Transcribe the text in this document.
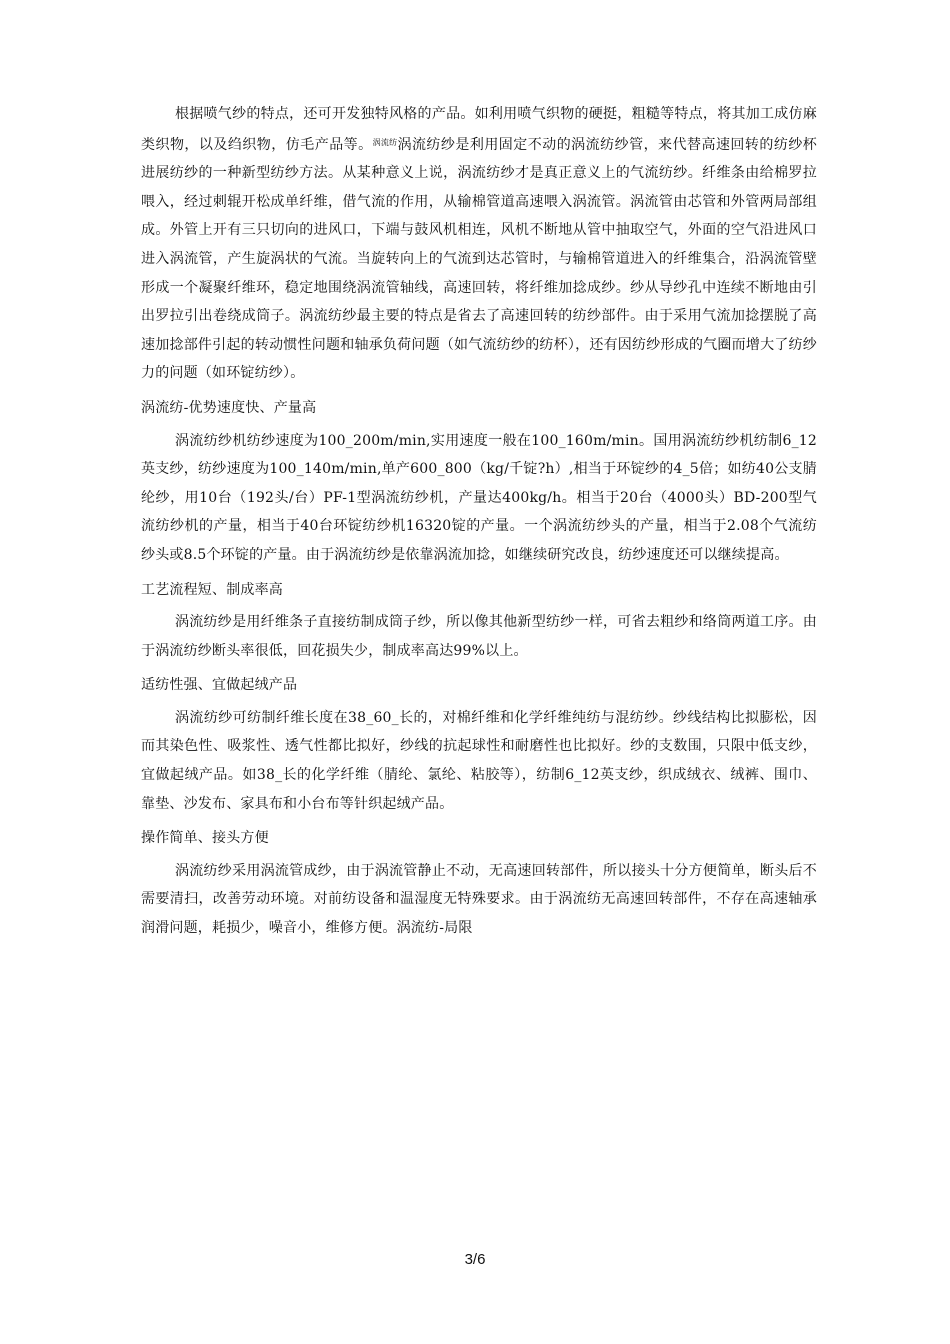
根据喷气纱的特点，还可开发独特风格的产品。如利用喷气织物的硬挺，粗糙等特点，将其加工成仿麻类织物，以及绉织物，仿毛产品等。$^{涡流纺}$涡流纺纱是利用固定不动的涡流纺纱管，来代替高速回转的纺纱杯进展纺纱的一种新型纺纱方法。从某种意义上说，涡流纺纱才是真正意义上的气流纺纱。纤维条由给棉罗拉喂入，经过刺辊开松成单纤维，借气流的作用，从输棉管道高速喂入涡流管。涡流管由芯管和外管两局部组成。外管上开有三只切向的进风口，下端与鼓风机相连，风机不断地从管中抽取空气，外面的空气沿进风口进入涡流管，产生旋涡状的气流。当旋转向上的气流到达芯管时，与输棉管道进入的纤维集合，沿涡流管壁形成一个凝聚纤维环，稳定地围绕涡流管轴线，高速回转，将纤维加捻成纱。纱从导纱孔中连续不断地由引出罗拉引出卷绕成筒子。涡流纺纱最主要的特点是省去了高速回转的纺纱部件。由于采用气流加捻摆脱了高速加捻部件引起的转动惯性问题和轴承负荷问题（如气流纺纱的纺杯），还有因纺纱形成的气圈而增大了纺纱力的问题（如环锭纺纱）。

涡流纺-优势速度快、产量高

涡流纺纱机纺纱速度为100_200m/min,实用速度一般在100_160m/min。国用涡流纺纱机纺制6_12英支纱，纺纱速度为100_140m/min,单产600_800（kg/千锭?h）,相当于环锭纱的4_5倍；如纺40公支腈纶纱，用10台（192头/台）PF-1型涡流纺纱机，产量达400kg/h。相当于20台（4000头）BD-200型气流纺纱机的产量，相当于40台环锭纺纱机16320锭的产量。一个涡流纺纱头的产量，相当于2.08个气流纺纱头或8.5个环锭的产量。由于涡流纺纱是依靠涡流加捻，如继续研究改良，纺纱速度还可以继续提高。

工艺流程短、制成率高

涡流纺纱是用纤维条子直接纺制成筒子纱，所以像其他新型纺纱一样，可省去粗纱和络筒两道工序。由于涡流纺纱断头率很低，回花损失少，制成率高达99%以上。

适纺性强、宜做起绒产品

涡流纺纱可纺制纤维长度在38_60_长的，对棉纤维和化学纤维纯纺与混纺纱。纱线结构比拟膨松，因而其染色性、吸浆性、透气性都比拟好，纱线的抗起球性和耐磨性也比拟好。纱的支数围，只限中低支纱，宜做起绒产品。如38_长的化学纤维（腈纶、氯纶、粘胶等），纺制6_12英支纱，织成绒衣、绒裤、围巾、靠垫、沙发布、家具布和小台布等针织起绒产品。

操作简单、接头方便

涡流纺纱采用涡流管成纱，由于涡流管静止不动，无高速回转部件，所以接头十分方便简单，断头后不需要清扫，改善劳动环境。对前纺设备和温湿度无特殊要求。由于涡流纺无高速回转部件，不存在高速轴承润滑问题，耗损少，噪音小，维修方便。涡流纺-局限

3/6
